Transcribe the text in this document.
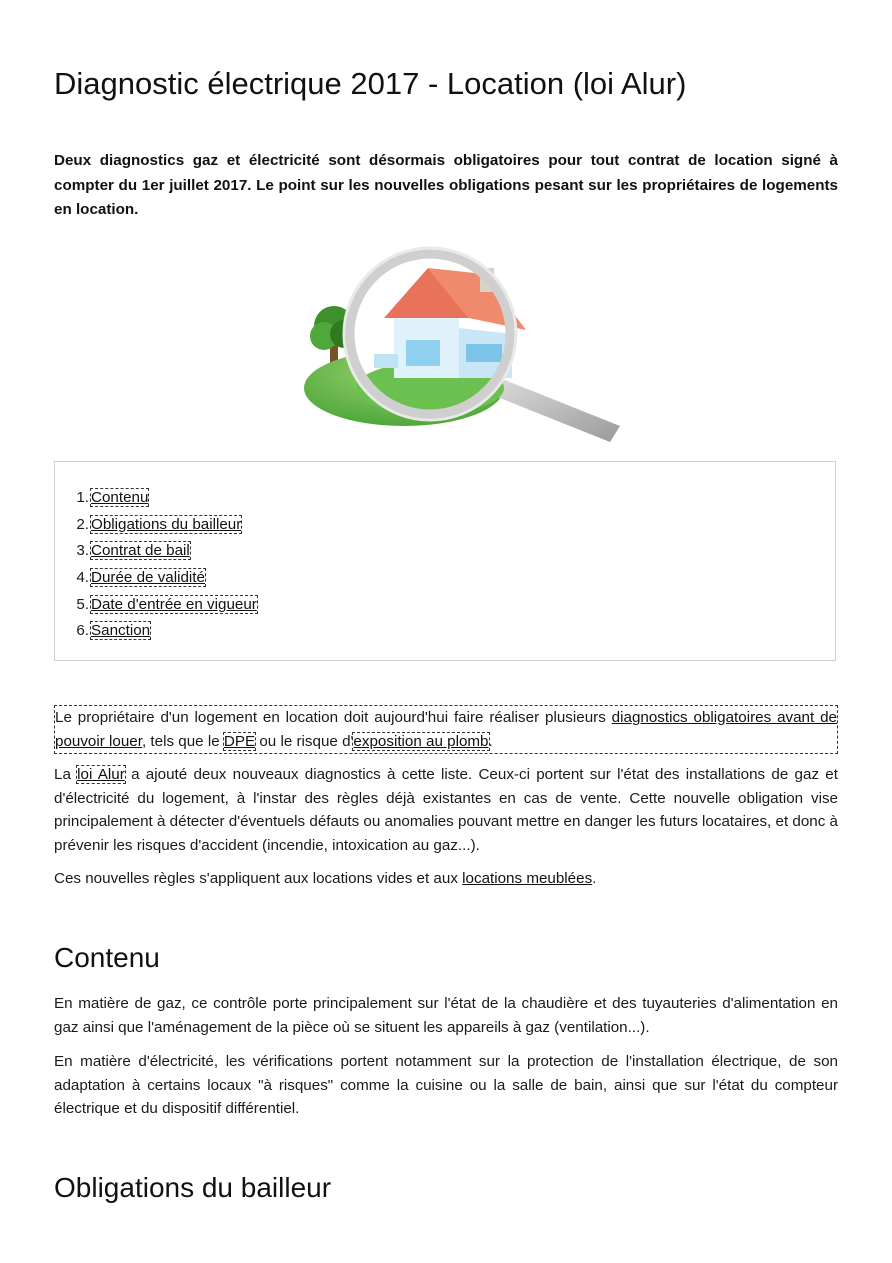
Diagnostic électrique 2017 - Location (loi Alur)

Deux diagnostics gaz et électricité sont désormais obligatoires pour tout contrat de location signé à compter du 1er juillet 2017. Le point sur les nouvelles obligations pesant sur les propriétaires de logements en location.

1. Contenu
2. Obligations du bailleur
3. Contrat de bail
4. Durée de validité
5. Date d'entrée en vigueur
6. Sanction

Le propriétaire d'un logement en location doit aujourd'hui faire réaliser plusieurs diagnostics obligatoires avant de pouvoir louer, tels que le DPE ou le risque d'exposition au plomb.

La loi Alur a ajouté deux nouveaux diagnostics à cette liste. Ceux-ci portent sur l'état des installations de gaz et d'électricité du logement, à l'instar des règles déjà existantes en cas de vente. Cette nouvelle obligation vise principalement à détecter d'éventuels défauts ou anomalies pouvant mettre en danger les futurs locataires, et donc à prévenir les risques d'accident (incendie, intoxication au gaz...).

Ces nouvelles règles s'appliquent aux locations vides et aux locations meublées.

Contenu

En matière de gaz, ce contrôle porte principalement sur l'état de la chaudière et des tuyauteries d'alimentation en gaz ainsi que l'aménagement de la pièce où se situent les appareils à gaz (ventilation...).

En matière d'électricité, les vérifications portent notamment sur la protection de l'installation électrique, de son adaptation à certains locaux "à risques" comme la cuisine ou la salle de bain, ainsi que sur l'état du compteur électrique et du dispositif différentiel.

Obligations du bailleur
